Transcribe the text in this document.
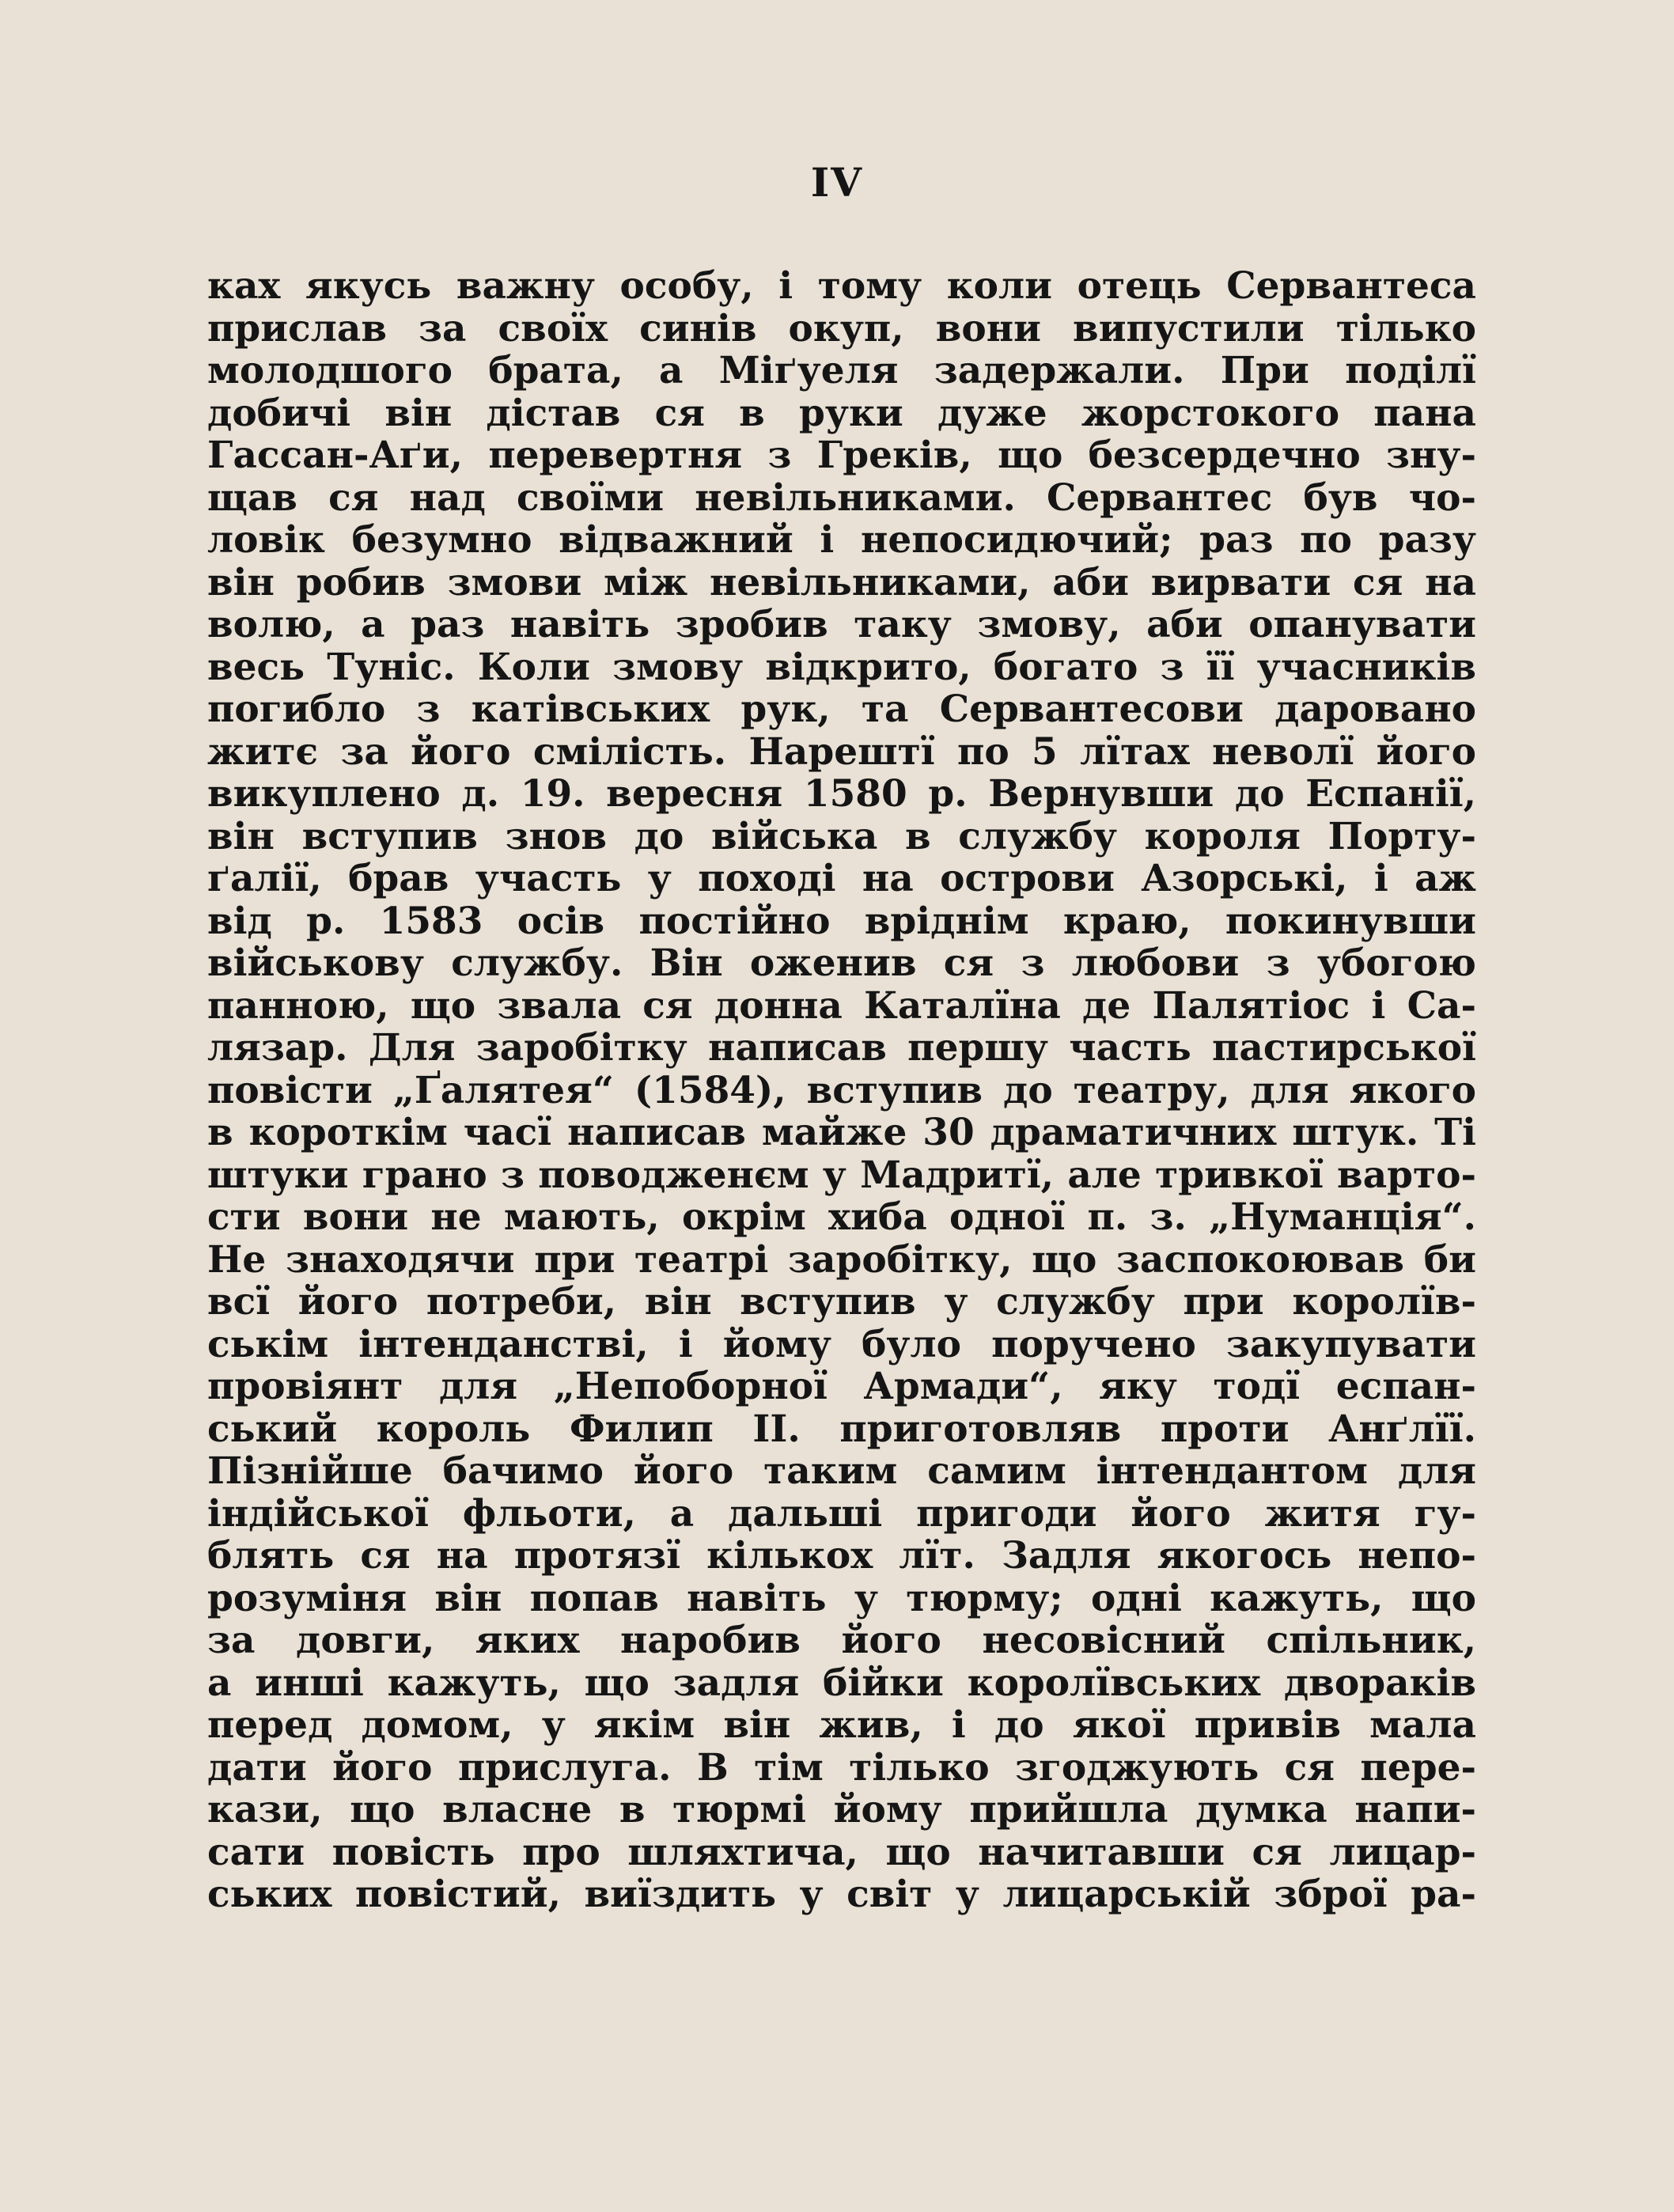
IV
ках якусь важну особу, і тому коли отець Сервантеса
прислав за своїх синів окуп, вони випустили тілько
молодшого брата, а Міґуеля задержали. При поділї
добичі він дістав ся в руки дуже жорстокого пана
Гассан-Аґи, перевертня з Греків, що безсердечно зну-
щав ся над своїми невільниками. Сервантес був чо-
ловік безумно відважний і непосидючий; раз по разу
він робив змови між невільниками, аби вирвати ся на
волю, а раз навіть зробив таку змову, аби опанувати
весь Туніс. Коли змову відкрито, богато з її учасників
погибло з катівських рук, та Сервантесови даровано
житє за його смілість. Нарештї по 5 лїтах неволї його
викуплено д. 19. вересня 1580 р. Вернувши до Еспанії,
він вступив знов до війська в службу короля Порту-
ґалії, брав участь у поході на острови Азорські, і аж
від р. 1583 осів постійно вріднім краю, покинувши
військову службу. Він оженив ся з любови з убогою
панною, що звала ся донна Каталїна де Палятіос і Са-
лязар. Для заробітку написав першу часть пастирської
повісти „Ґалятея“ (1584), вступив до театру, для якого
в короткім часї написав майже 30 драматичних штук. Ті
штуки грано з поводженєм у Мадритї, але тривкої варто-
сти вони не мають, окрім хиба одної п. з. „Нуманція“.
Не знаходячи при театрі заробітку, що заспокоював би
всї його потреби, він вступив у службу при королїв-
ськім інтенданстві, і йому було поручено закупувати
провіянт для „Непоборної Армади“, яку тодї еспан-
ський король Филип II. приготовляв проти Анґлїї.
Пізнійше бачимо його таким самим інтендантом для
індійської фльоти, а дальші пригоди його житя гу-
блять ся на протязї кількох лїт. Задля якогось непо-
розуміня він попав навіть у тюрму; одні кажуть, що
за довги, яких наробив його несовісний спільник,
а инші кажуть, що задля бійки королївських двораків
перед домом, у якім він жив, і до якої привів мала
дати його прислуга. В тім тілько згоджують ся пере-
кази, що власне в тюрмі йому прийшла думка напи-
сати повість про шляхтича, що начитавши ся лицар-
ських повістий, виїздить у світ у лицарській зброї ра-
